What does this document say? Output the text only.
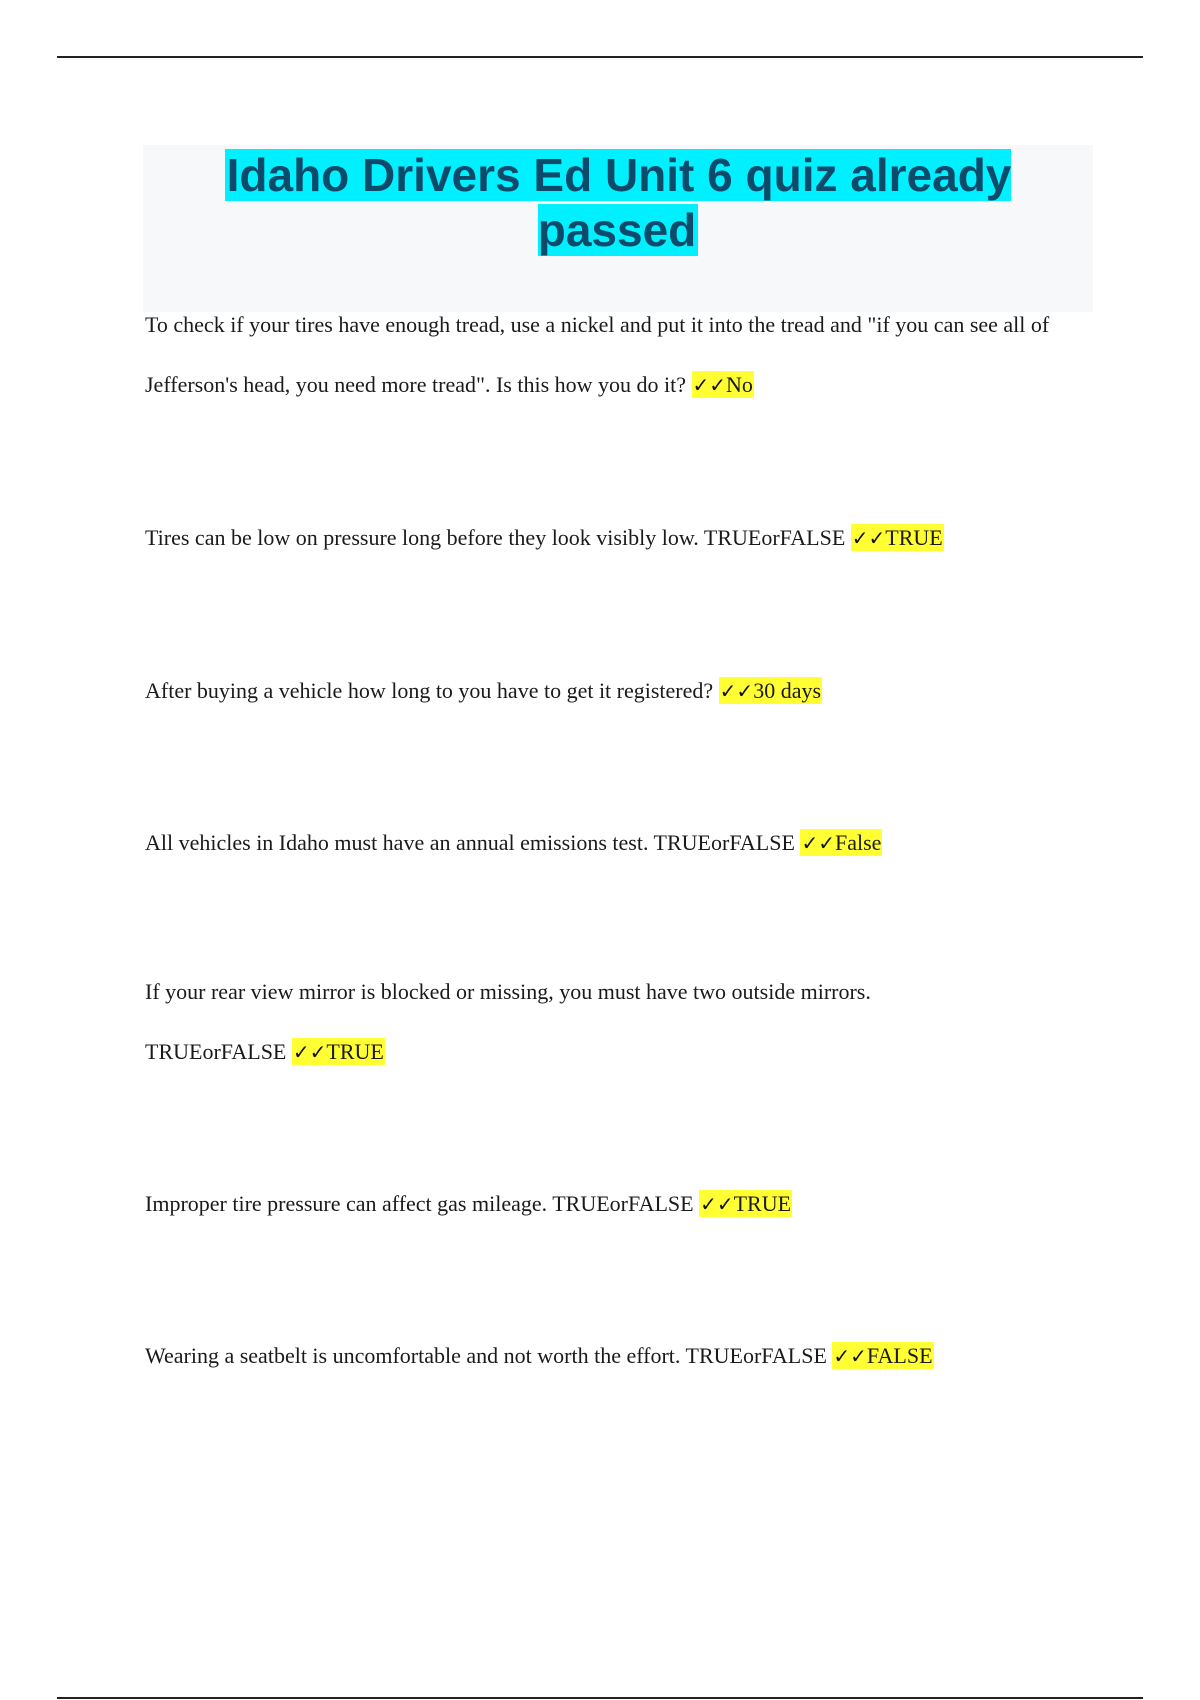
Idaho Drivers Ed Unit 6 quiz already passed

To check if your tires have enough tread, use a nickel and put it into the tread and "if you can see all of Jefferson's head, you need more tread". Is this how you do it? ✓✓No

Tires can be low on pressure long before they look visibly low. TRUEorFALSE ✓✓TRUE

After buying a vehicle how long to you have to get it registered? ✓✓30 days

All vehicles in Idaho must have an annual emissions test. TRUEorFALSE ✓✓False

If your rear view mirror is blocked or missing, you must have two outside mirrors. TRUEorFALSE ✓✓TRUE

Improper tire pressure can affect gas mileage. TRUEorFALSE ✓✓TRUE

Wearing a seatbelt is uncomfortable and not worth the effort. TRUEorFALSE ✓✓FALSE
